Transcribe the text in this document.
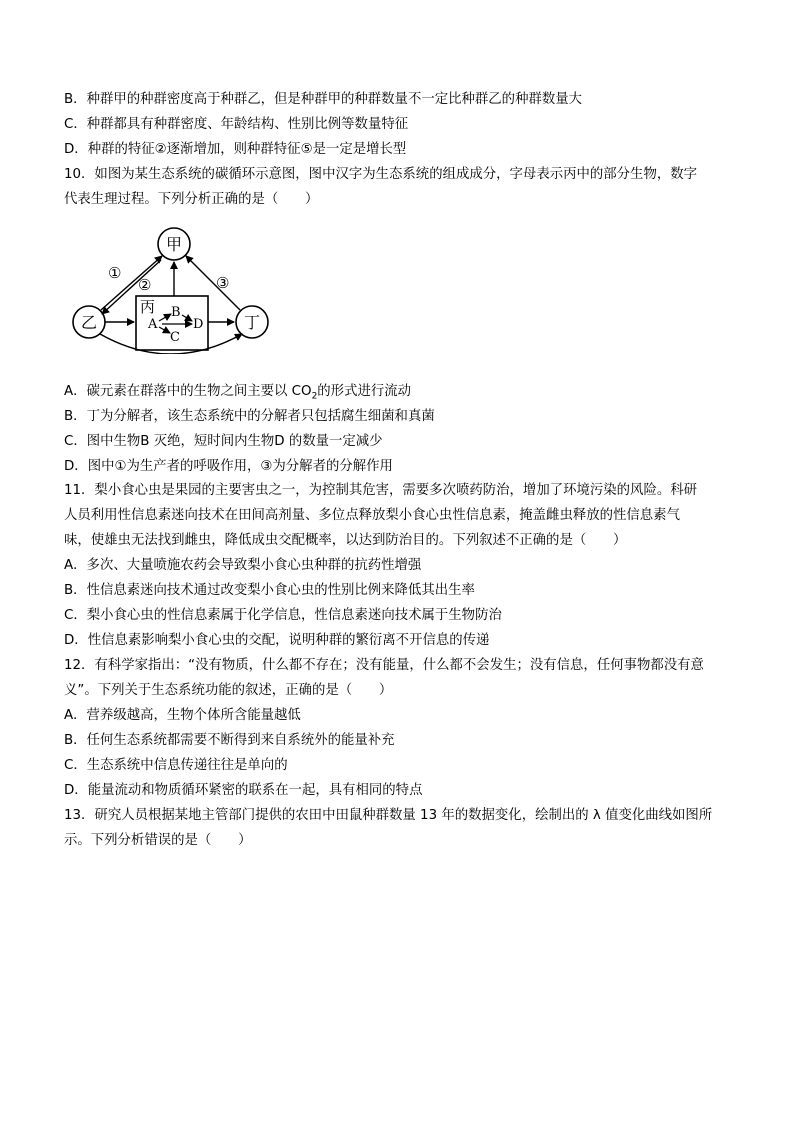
B．种群甲的种群密度高于种群乙，但是种群甲的种群数量不一定比种群乙的种群数量大
C．种群都具有种群密度、年龄结构、性别比例等数量特征
D．种群的特征②逐渐增加，则种群特征⑤是一定是增长型
10．如图为某生态系统的碳循环示意图，图中汉字为生态系统的组成成分，字母表示丙中的部分生物，数字
代表生理过程。下列分析正确的是（　　）
甲
乙	丁
丙
A
B
C
D
①
②	③
A．碳元素在群落中的生物之间主要以 $CO_2$的形式进行流动
B．丁为分解者，该生态系统中的分解者只包括腐生细菌和真菌
C．图中生物B 灭绝，短时间内生物D 的数量一定减少
D．图中①为生产者的呼吸作用，③为分解者的分解作用
11．梨小食心虫是果园的主要害虫之一，为控制其危害，需要多次喷药防治，增加了环境污染的风险。科研
人员利用性信息素迷向技术在田间高剂量、多位点释放梨小食心虫性信息素，掩盖雌虫释放的性信息素气
味，使雄虫无法找到雌虫，降低成虫交配概率，以达到防治目的。下列叙述不正确的是（　　）
A．多次、大量喷施农药会导致梨小食心虫种群的抗药性增强
B．性信息素迷向技术通过改变梨小食心虫的性别比例来降低其出生率
C．梨小食心虫的性信息素属于化学信息，性信息素迷向技术属于生物防治
D．性信息素影响梨小食心虫的交配，说明种群的繁衍离不开信息的传递
12．有科学家指出：“没有物质，什么都不存在；没有能量，什么都不会发生；没有信息，任何事物都没有意
义”。下列关于生态系统功能的叙述，正确的是（　　）
A．营养级越高，生物个体所含能量越低
B．任何生态系统都需要不断得到来自系统外的能量补充
C．生态系统中信息传递往往是单向的
D．能量流动和物质循环紧密的联系在一起，具有相同的特点
13．研究人员根据某地主管部门提供的农田中田鼠种群数量 13 年的数据变化，绘制出的 λ 值变化曲线如图所
示。下列分析错误的是（　　）
